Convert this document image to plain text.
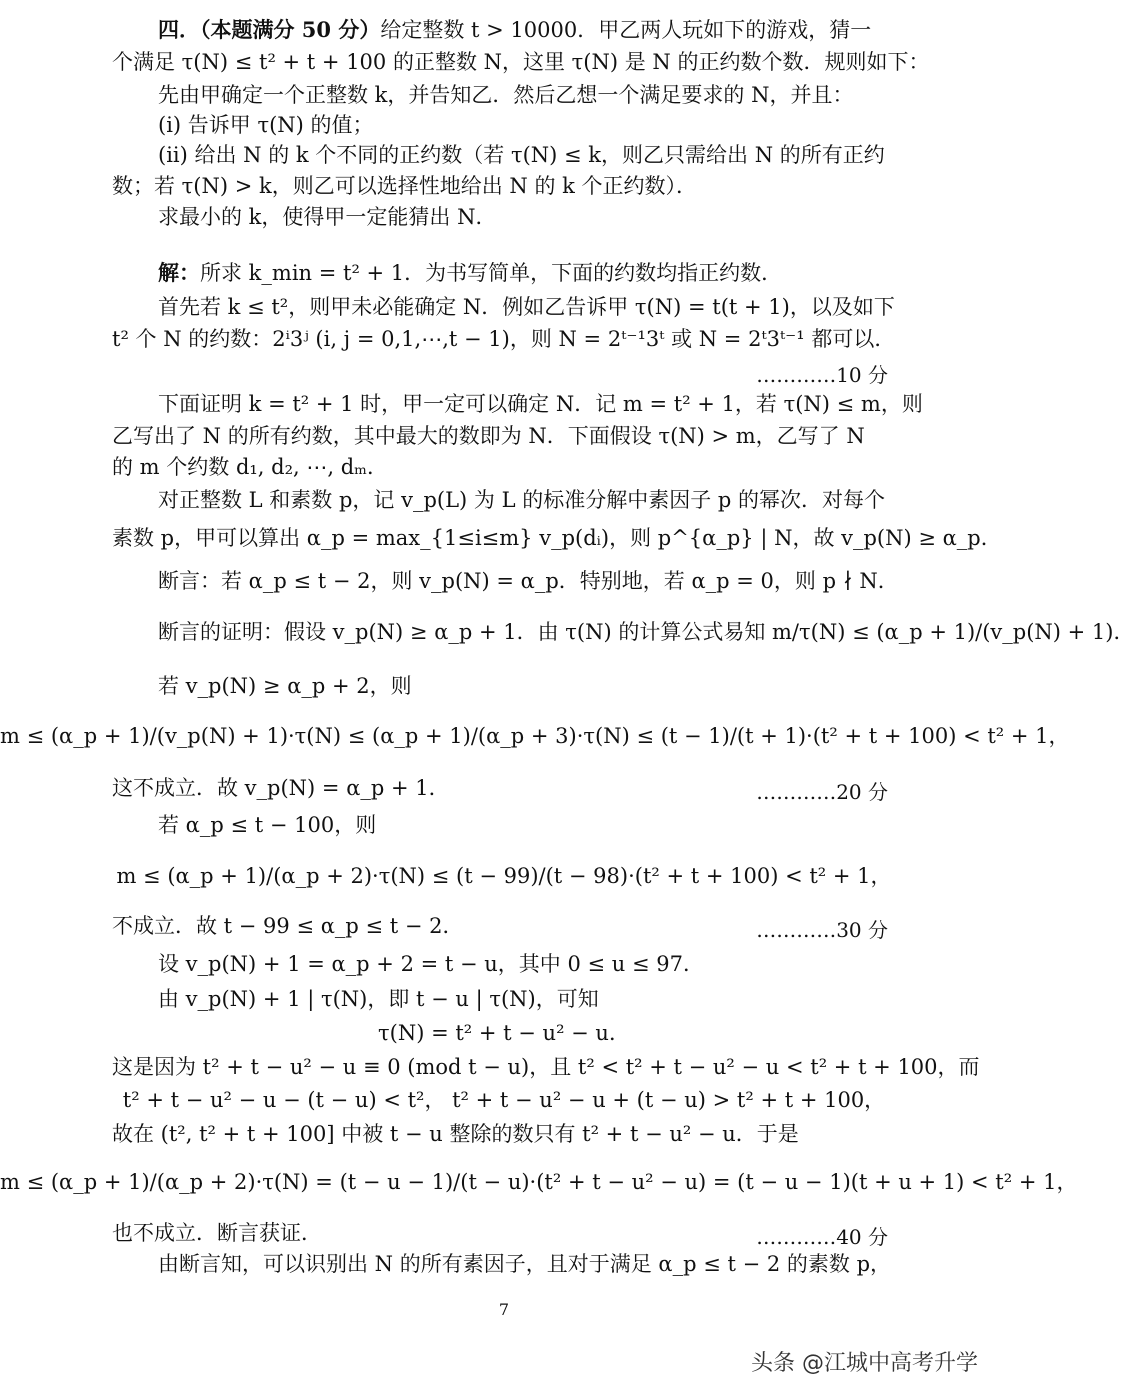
四．（本题满分 50 分）给定整数 t > 10000．甲乙两人玩如下的游戏，猜一
个满足 τ(N) ≤ t² + t + 100 的正整数 N，这里 τ(N) 是 N 的正约数个数．规则如下：
先由甲确定一个正整数 k，并告知乙．然后乙想一个满足要求的 N，并且：
(i) 告诉甲 τ(N) 的值；
(ii) 给出 N 的 k 个不同的正约数（若 τ(N) ≤ k，则乙只需给出 N 的所有正约
数；若 τ(N) > k，则乙可以选择性地给出 N 的 k 个正约数）．
求最小的 k，使得甲一定能猜出 N．
解：所求 k_min = t² + 1．为书写简单，下面的约数均指正约数．
首先若 k ≤ t²，则甲未必能确定 N．例如乙告诉甲 τ(N) = t(t + 1)，以及如下
t² 个 N 的约数：2ⁱ3ʲ (i, j = 0,1,⋯,t − 1)，则 N = 2ᵗ⁻¹3ᵗ 或 N = 2ᵗ3ᵗ⁻¹ 都可以．
…………10 分
下面证明 k = t² + 1 时，甲一定可以确定 N．记 m = t² + 1，若 τ(N) ≤ m，则
乙写出了 N 的所有约数，其中最大的数即为 N．下面假设 τ(N) > m，乙写了 N
的 m 个约数 d₁, d₂, ⋯, dₘ．
对正整数 L 和素数 p，记 v_p(L) 为 L 的标准分解中素因子 p 的幂次．对每个
素数 p，甲可以算出 α_p = max_{1≤i≤m} v_p(dᵢ)，则 p^{α_p} | N，故 v_p(N) ≥ α_p．
断言：若 α_p ≤ t − 2，则 v_p(N) = α_p．特别地，若 α_p = 0，则 p ∤ N．
断言的证明：假设 v_p(N) ≥ α_p + 1．由 τ(N) 的计算公式易知 m/τ(N) ≤ (α_p + 1)/(v_p(N) + 1)．
若 v_p(N) ≥ α_p + 2，则
m ≤ (α_p + 1)/(v_p(N) + 1)·τ(N) ≤ (α_p + 1)/(α_p + 3)·τ(N) ≤ (t − 1)/(t + 1)·(t² + t + 100) < t² + 1，
这不成立．故 v_p(N) = α_p + 1．	…………20 分
若 α_p ≤ t − 100，则
m ≤ (α_p + 1)/(α_p + 2)·τ(N) ≤ (t − 99)/(t − 98)·(t² + t + 100) < t² + 1，
不成立．故 t − 99 ≤ α_p ≤ t − 2．	…………30 分
设 v_p(N) + 1 = α_p + 2 = t − u，其中 0 ≤ u ≤ 97．
由 v_p(N) + 1 | τ(N)，即 t − u | τ(N)，可知
τ(N) = t² + t − u² − u．
这是因为 t² + t − u² − u ≡ 0 (mod t − u)，且 t² < t² + t − u² − u < t² + t + 100，而
t² + t − u² − u − (t − u) < t²， t² + t − u² − u + (t − u) > t² + t + 100，
故在 (t², t² + t + 100] 中被 t − u 整除的数只有 t² + t − u² − u．于是
m ≤ (α_p + 1)/(α_p + 2)·τ(N) = (t − u − 1)/(t − u)·(t² + t − u² − u) = (t − u − 1)(t + u + 1) < t² + 1，
也不成立．断言获证．	…………40 分
由断言知，可以识别出 N 的所有素因子，且对于满足 α_p ≤ t − 2 的素数 p，
7
头条 @江城中高考升学
